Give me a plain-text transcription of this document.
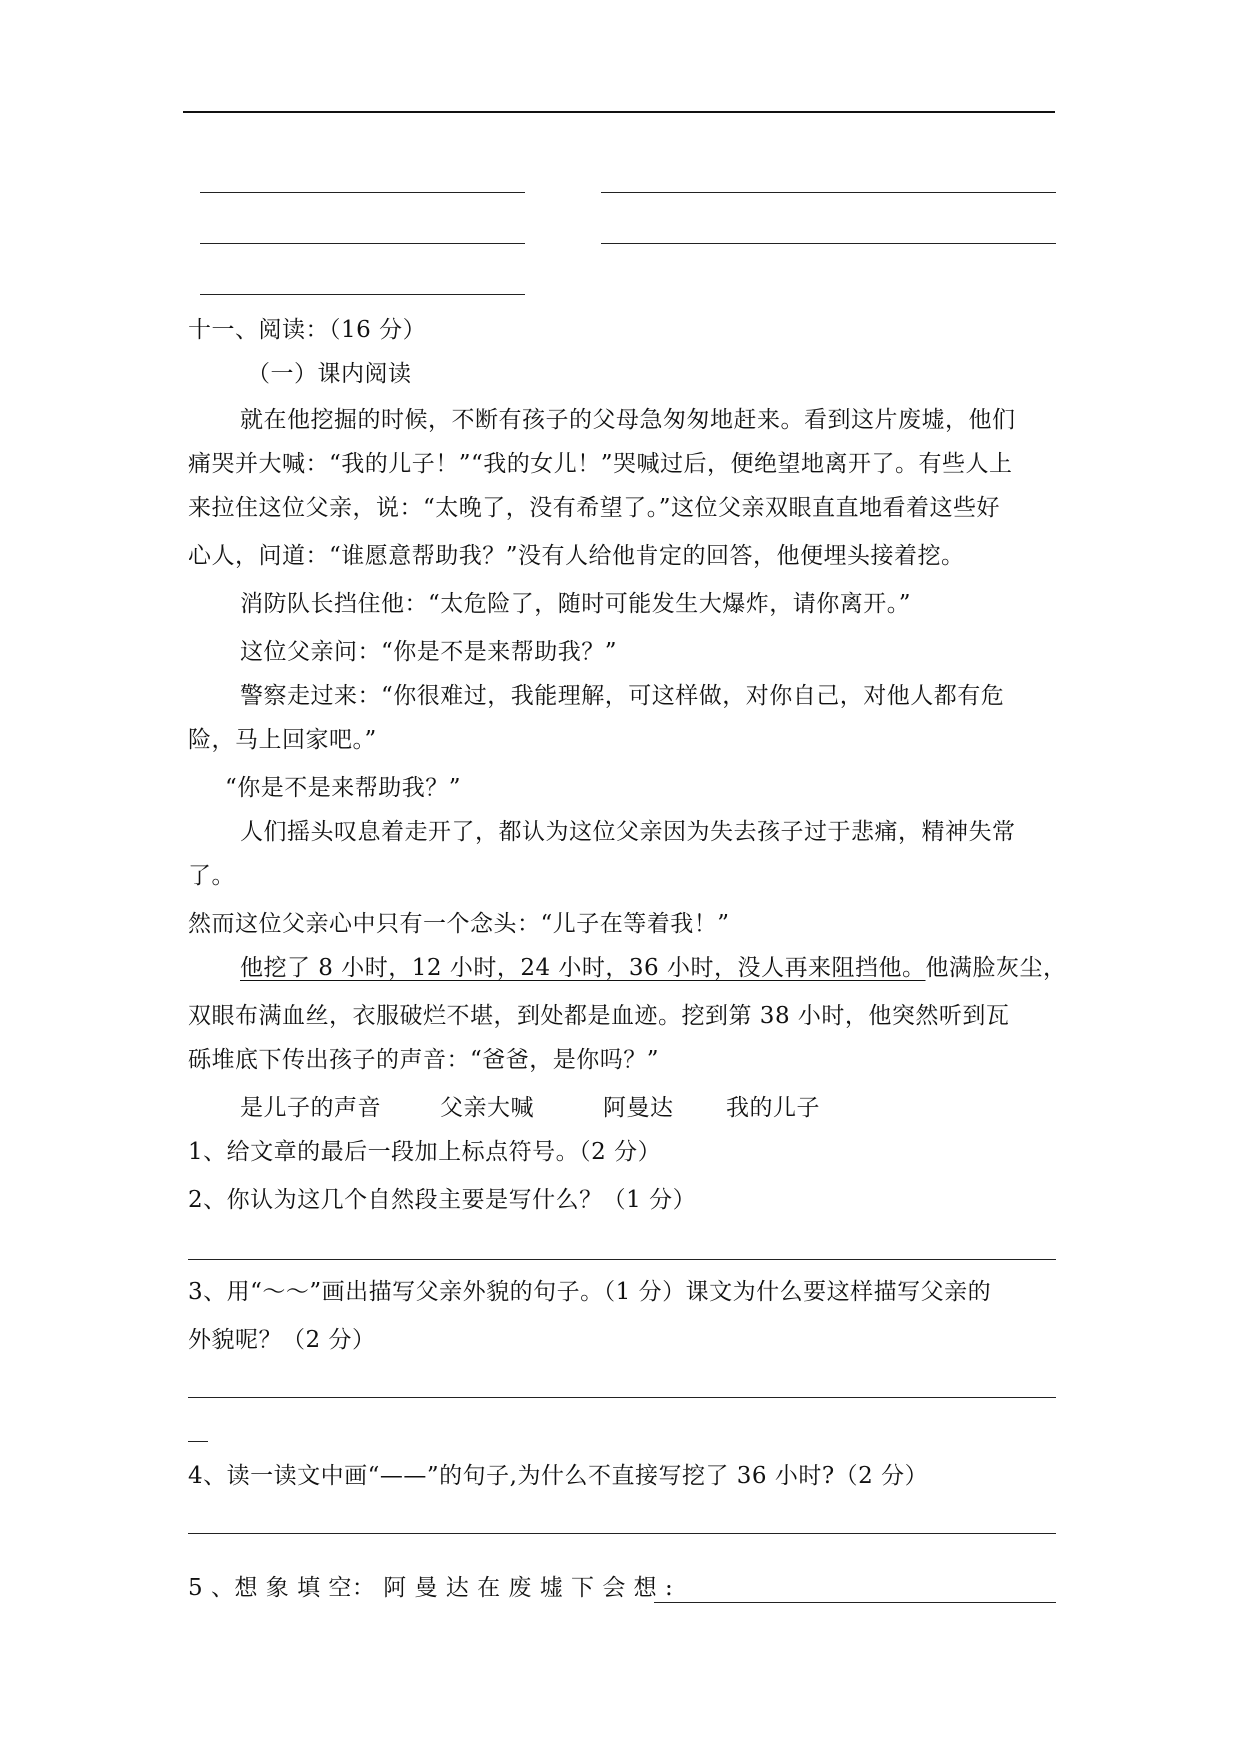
十一、阅读：（16 分）
（一）课内阅读
就在他挖掘的时候，不断有孩子的父母急匆匆地赶来。看到这片废墟，他们
痛哭并大喊：“我的儿子！”“我的女儿！”哭喊过后，便绝望地离开了。有些人上
来拉住这位父亲，说：“太晚了，没有希望了。”这位父亲双眼直直地看着这些好
心人，问道：“谁愿意帮助我？”没有人给他肯定的回答，他便埋头接着挖。
消防队长挡住他：“太危险了，随时可能发生大爆炸，请你离开。”
这位父亲问：“你是不是来帮助我？”
警察走过来：“你很难过，我能理解，可这样做，对你自己，对他人都有危
险，马上回家吧。”
“你是不是来帮助我？”
人们摇头叹息着走开了，都认为这位父亲因为失去孩子过于悲痛，精神失常
了。
然而这位父亲心中只有一个念头：“儿子在等着我！”
他挖了 8 小时，12 小时，24 小时，36 小时，没人再来阻挡他。他满脸灰尘，
双眼布满血丝，衣服破烂不堪，到处都是血迹。挖到第 38 小时，他突然听到瓦
砾堆底下传出孩子的声音：“爸爸，是你吗？”
是儿子的声音	父亲大喊	阿曼达 我的儿子
1、给文章的最后一段加上标点符号。（2 分）
2、你认为这几个自然段主要是写什么？（1 分）
3、用“～～”画出描写父亲外貌的句子。（1 分）课文为什么要这样描写父亲的
外貌呢？（2 分）
4、读一读文中画“——”的句子,为什么不直接写挖了 36 小时?（2 分）
5 、想 象 填 空： 阿 曼 达 在 废 墟 下 会 想 :
